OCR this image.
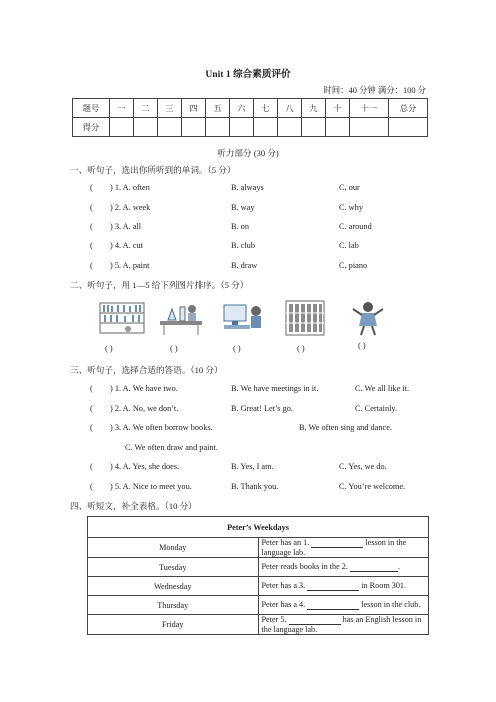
Unit 1 综合素质评价
时间：40 分钟 满分：100 分
题号	一	二	三	四	五	六	七	八	九	十	十一	总分
得分												
听力部分 (30 分)
一、听句子，选出你所听到的单词。（5 分）
( ) 1. A. often	B. always	C. our
( ) 2. A. week	B. way	C. why
( ) 3. A. all	B. on	C. around
( ) 4. A. cut	B. club	C. lab
( ) 5. A. paint	B. draw	C. piano
二、听句子，用 1—5 给下列图片排序。（5 分）
( )	( )	( )	( )	( )
三、听句子，选择合适的答语。（10 分）
( ) 1. A. We have two.	B. We have meetings in it.	C. We all like it.
( ) 2. A. No, we don’t.	B. Great! Let’s go.	C. Certainly.
( ) 3. A. We often borrow books.	B. We often sing and dance.
C. We often draw and paint.
( ) 4. A. Yes, she does.	B. Yes, I am.	C. Yes, we do.
( ) 5. A. Nice to meet you.	B. Thank you.	C. You’re welcome.
四、听短文，补全表格。（10 分）
Peter’s Weekdays	
Monday	Peter has an 1. lesson in the language lab.
Tuesday	Peter reads books in the 2. .
Wednesday	Peter has a 3. in Room 301.
Thursday	Peter has a 4. lesson in the club.
Friday	Peter 5. has an English lesson in the language lab.
